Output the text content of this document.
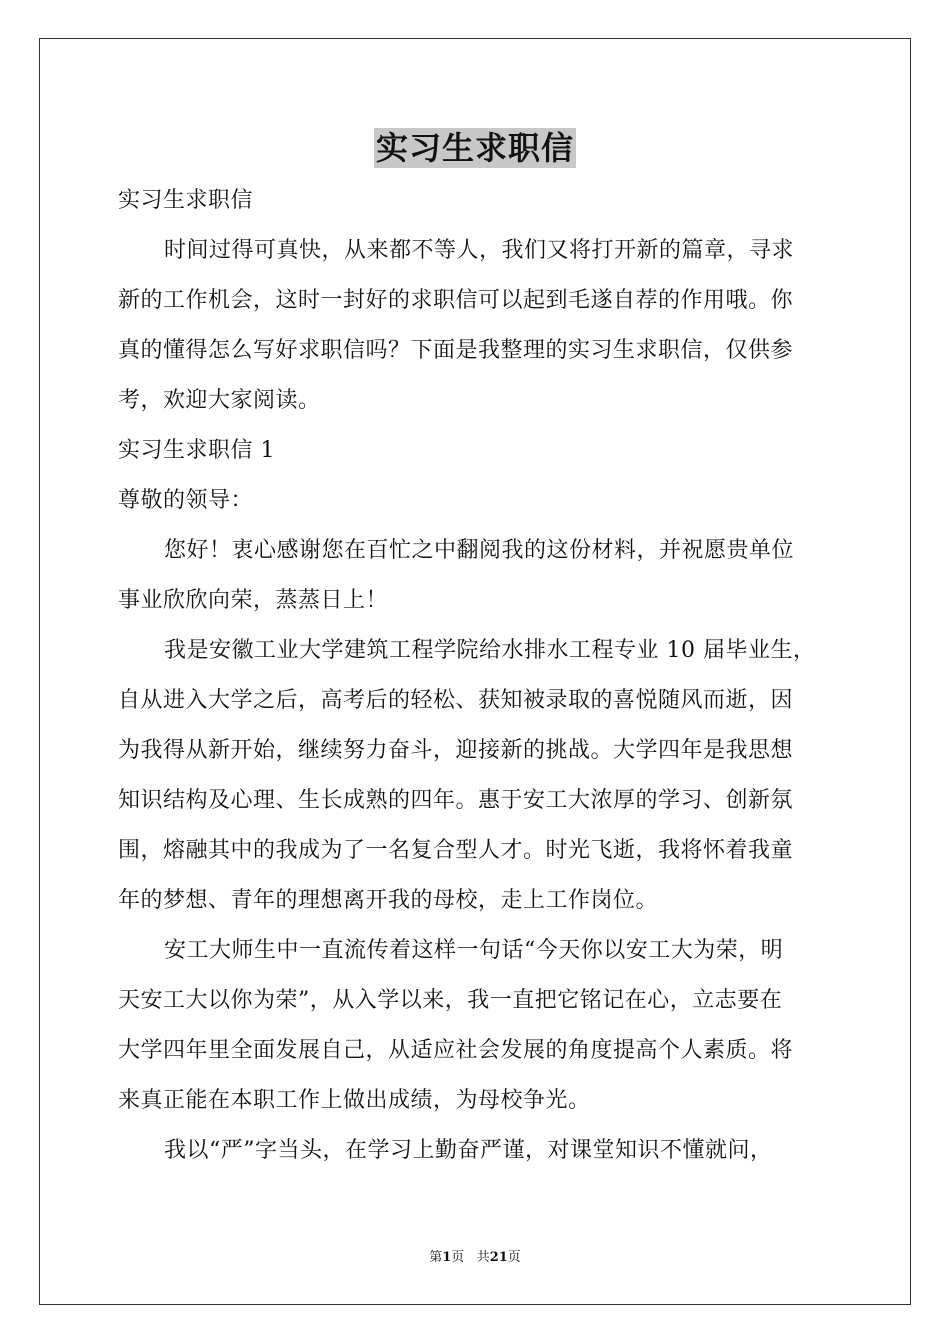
实习生求职信
实习生求职信
时间过得可真快，从来都不等人，我们又将打开新的篇章，寻求
新的工作机会，这时一封好的求职信可以起到毛遂自荐的作用哦。你
真的懂得怎么写好求职信吗？下面是我整理的实习生求职信，仅供参
考，欢迎大家阅读。
实习生求职信 1
尊敬的领导：
您好！衷心感谢您在百忙之中翻阅我的这份材料，并祝愿贵单位
事业欣欣向荣，蒸蒸日上！
我是安徽工业大学建筑工程学院给水排水工程专业 10 届毕业生，
自从进入大学之后，高考后的轻松、获知被录取的喜悦随风而逝，因
为我得从新开始，继续努力奋斗，迎接新的挑战。大学四年是我思想
知识结构及心理、生长成熟的四年。惠于安工大浓厚的学习、创新氛
围，熔融其中的我成为了一名复合型人才。时光飞逝，我将怀着我童
年的梦想、青年的理想离开我的母校，走上工作岗位。
安工大师生中一直流传着这样一句话“今天你以安工大为荣，明
天安工大以你为荣”，从入学以来，我一直把它铭记在心，立志要在
大学四年里全面发展自己，从适应社会发展的角度提高个人素质。将
来真正能在本职工作上做出成绩，为母校争光。
我以“严”字当头，在学习上勤奋严谨，对课堂知识不懂就问，
第1页 共21页
